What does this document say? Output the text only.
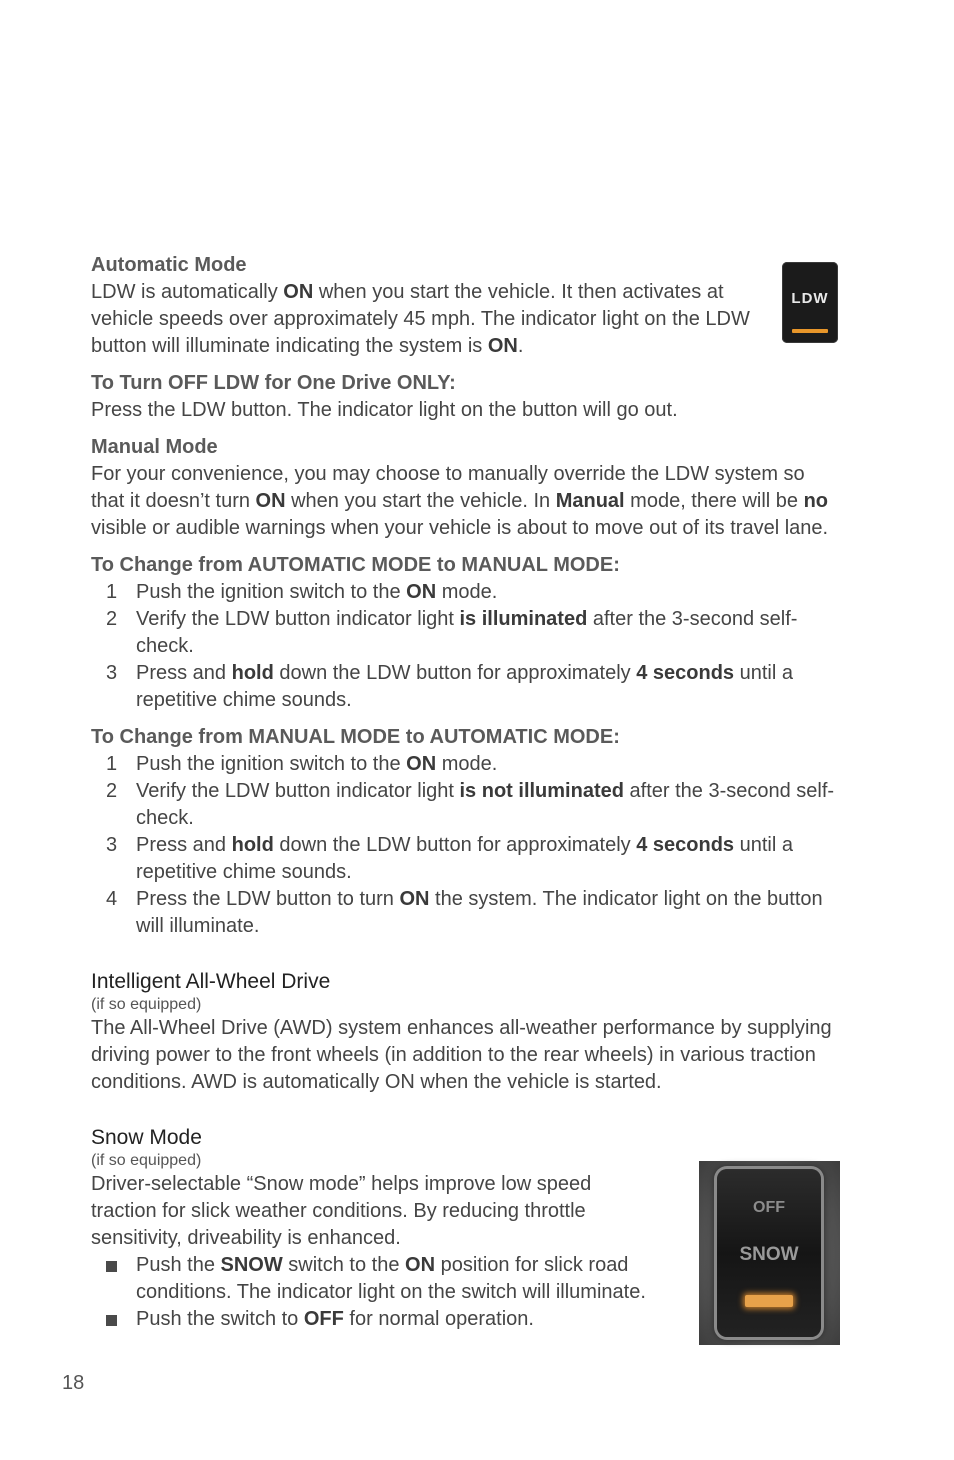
Automatic Mode

LDW is automatically ON when you start the vehicle. It then activates at vehicle speeds over approximately 45 mph. The indicator light on the LDW button will illuminate indicating the system is ON.

To Turn OFF LDW for One Drive ONLY:

Press the LDW button. The indicator light on the button will go out.

Manual Mode

For your convenience, you may choose to manually override the LDW system so that it doesn’t turn ON when you start the vehicle. In Manual mode, there will be no visible or audible warnings when your vehicle is about to move out of its travel lane.

To Change from AUTOMATIC MODE to MANUAL MODE:

1 Push the ignition switch to the ON mode.
2 Verify the LDW button indicator light is illuminated after the 3-second self-check.
3 Press and hold down the LDW button for approximately 4 seconds until a repetitive chime sounds.

To Change from MANUAL MODE to AUTOMATIC MODE:

1 Push the ignition switch to the ON mode.
2 Verify the LDW button indicator light is not illuminated after the 3-second self-check.
3 Press and hold down the LDW button for approximately 4 seconds until a repetitive chime sounds.
4 Press the LDW button to turn ON the system. The indicator light on the button will illuminate.

Intelligent All-Wheel Drive

(if so equipped)

The All-Wheel Drive (AWD) system enhances all-weather performance by supplying driving power to the front wheels (in addition to the rear wheels) in various traction conditions. AWD is automatically ON when the vehicle is started.

Snow Mode

(if so equipped)

Driver-selectable “Snow mode” helps improve low speed traction for slick weather conditions. By reducing throttle sensitivity, driveability is enhanced.

Push the SNOW switch to the ON position for slick road conditions. The indicator light on the switch will illuminate.
Push the switch to OFF for normal operation.
LDW
OFF
SNOW
18
